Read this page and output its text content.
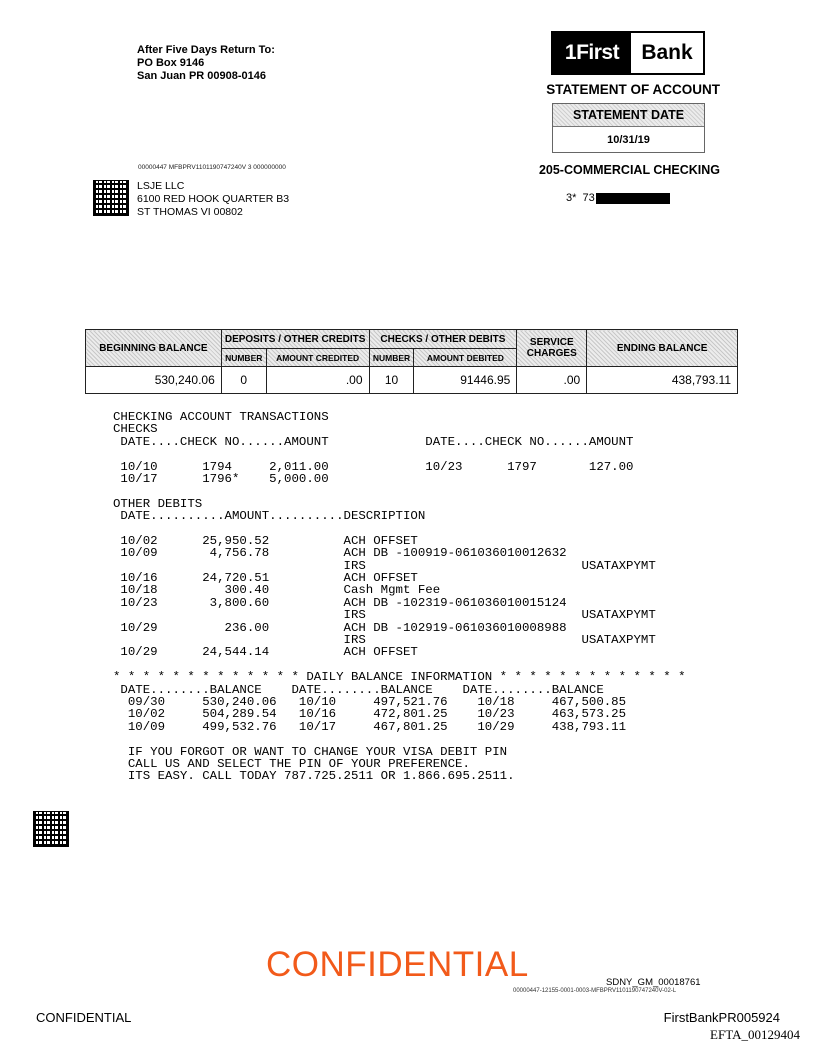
After Five Days Return To:
PO Box 9146
San Juan PR 00908-0146
1First	Bank
STATEMENT OF ACCOUNT
STATEMENT DATE
10/31/19
00000447 MFBPRV1101190747240V 3 000000000	205-COMMERCIAL CHECKING
3*  73
LSJE LLC
6100 RED HOOK QUARTER B3
ST THOMAS VI 00802
BEGINNING BALANCE	DEPOSITS / OTHER CREDITS		CHECKS / OTHER DEBITS		SERVICE CHARGES	ENDING BALANCE
	NUMBER	AMOUNT CREDITED	NUMBER	AMOUNT DEBITED		
530,240.06	0	.00	10	91446.95	.00	438,793.11
CHECKING ACCOUNT TRANSACTIONS
CHECKS
DATE....CHECK NO......AMOUNT             DATE....CHECK NO......AMOUNT
10/10      1794     2,011.00             10/23      1797       127.00
10/17      1796*    5,000.00
OTHER DEBITS
DATE..........AMOUNT..........DESCRIPTION
10/02      25,950.52          ACH OFFSET
10/09       4,756.78          ACH DB -100919-061036010012632
IRS                             USATAXPYMT
10/16      24,720.51          ACH OFFSET
10/18         300.40          Cash Mgmt Fee
10/23       3,800.60          ACH DB -102319-061036010015124
IRS                             USATAXPYMT
10/29         236.00          ACH DB -102919-061036010008988
IRS                             USATAXPYMT
10/29      24,544.14          ACH OFFSET
* * * * * * * * * * * * * DAILY BALANCE INFORMATION * * * * * * * * * * * * *
DATE........BALANCE    DATE........BALANCE    DATE........BALANCE
09/30     530,240.06   10/10     497,521.76    10/18     467,500.85
10/02     504,289.54   10/16     472,801.25    10/23     463,573.25
10/09     499,532.76   10/17     467,801.25    10/29     438,793.11
IF YOU FORGOT OR WANT TO CHANGE YOUR VISA DEBIT PIN
CALL US AND SELECT THE PIN OF YOUR PREFERENCE.
ITS EASY. CALL TODAY 787.725.2511 OR 1.866.695.2511.
CONFIDENTIAL	SDNY_GM_00018761
00000447-12155-0001-0003-MFBPRV1101190747240V-02-L
CONFIDENTIAL	FirstBankPR005924
EFTA_00129404
